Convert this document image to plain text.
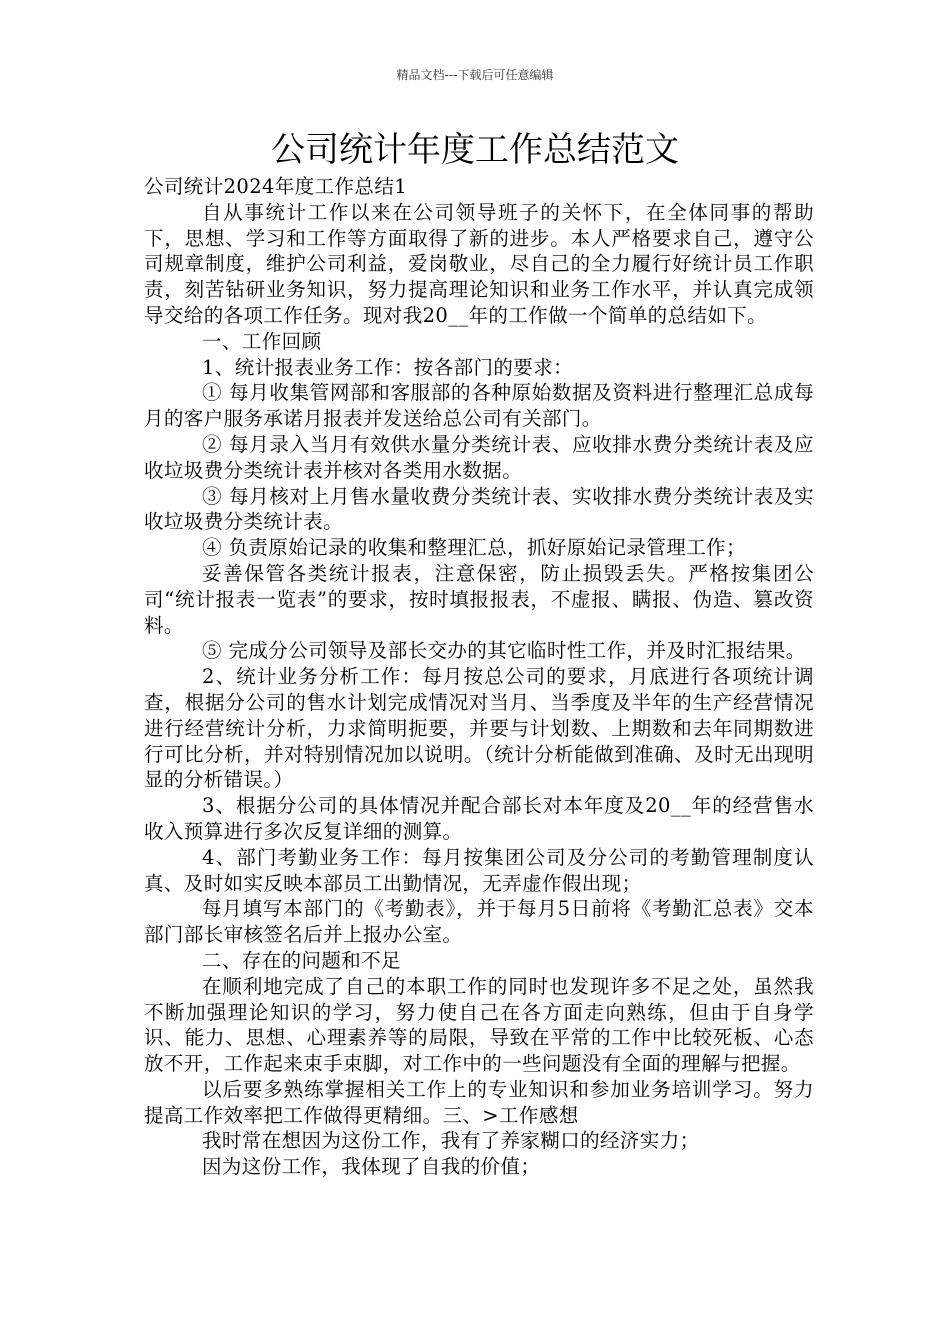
精品文档---下载后可任意编辑
公司统计年度工作总结范文

公司统计2024年度工作总结1

自从事统计工作以来在公司领导班子的关怀下，在全体同事的帮助下，思想、学习和工作等方面取得了新的进步。本人严格要求自己，遵守公司规章制度，维护公司利益，爱岗敬业，尽自己的全力履行好统计员工作职责，刻苦钻研业务知识，努力提高理论知识和业务工作水平，并认真完成领导交给的各项工作任务。现对我20__年的工作做一个简单的总结如下。

一、工作回顾

1、统计报表业务工作：按各部门的要求：

① 每月收集管网部和客服部的各种原始数据及资料进行整理汇总成每月的客户服务承诺月报表并发送给总公司有关部门。

② 每月录入当月有效供水量分类统计表、应收排水费分类统计表及应收垃圾费分类统计表并核对各类用水数据。

③ 每月核对上月售水量收费分类统计表、实收排水费分类统计表及实收垃圾费分类统计表。

④ 负责原始记录的收集和整理汇总，抓好原始记录管理工作；

妥善保管各类统计报表，注意保密，防止损毁丢失。严格按集团公司“统计报表一览表”的要求，按时填报报表，不虚报、瞒报、伪造、篡改资料。

⑤ 完成分公司领导及部长交办的其它临时性工作，并及时汇报结果。

2、统计业务分析工作：每月按总公司的要求，月底进行各项统计调查，根据分公司的售水计划完成情况对当月、当季度及半年的生产经营情况进行经营统计分析，力求简明扼要，并要与计划数、上期数和去年同期数进行可比分析，并对特别情况加以说明。（统计分析能做到准确、及时无出现明显的分析错误。）

3、根据分公司的具体情况并配合部长对本年度及20__年的经营售水收入预算进行多次反复详细的测算。

4、部门考勤业务工作：每月按集团公司及分公司的考勤管理制度认真、及时如实反映本部员工出勤情况，无弄虚作假出现；

每月填写本部门的《考勤表》，并于每月5日前将《考勤汇总表》交本部门部长审核签名后并上报办公室。

二、存在的问题和不足

在顺利地完成了自己的本职工作的同时也发现许多不足之处，虽然我不断加强理论知识的学习，努力使自己在各方面走向熟练，但由于自身学识、能力、思想、心理素养等的局限，导致在平常的工作中比较死板、心态放不开，工作起来束手束脚，对工作中的一些问题没有全面的理解与把握。

以后要多熟练掌握相关工作上的专业知识和参加业务培训学习。努力提高工作效率把工作做得更精细。三、>工作感想

我时常在想因为这份工作，我有了养家糊口的经济实力；

因为这份工作，我体现了自我的价值；
